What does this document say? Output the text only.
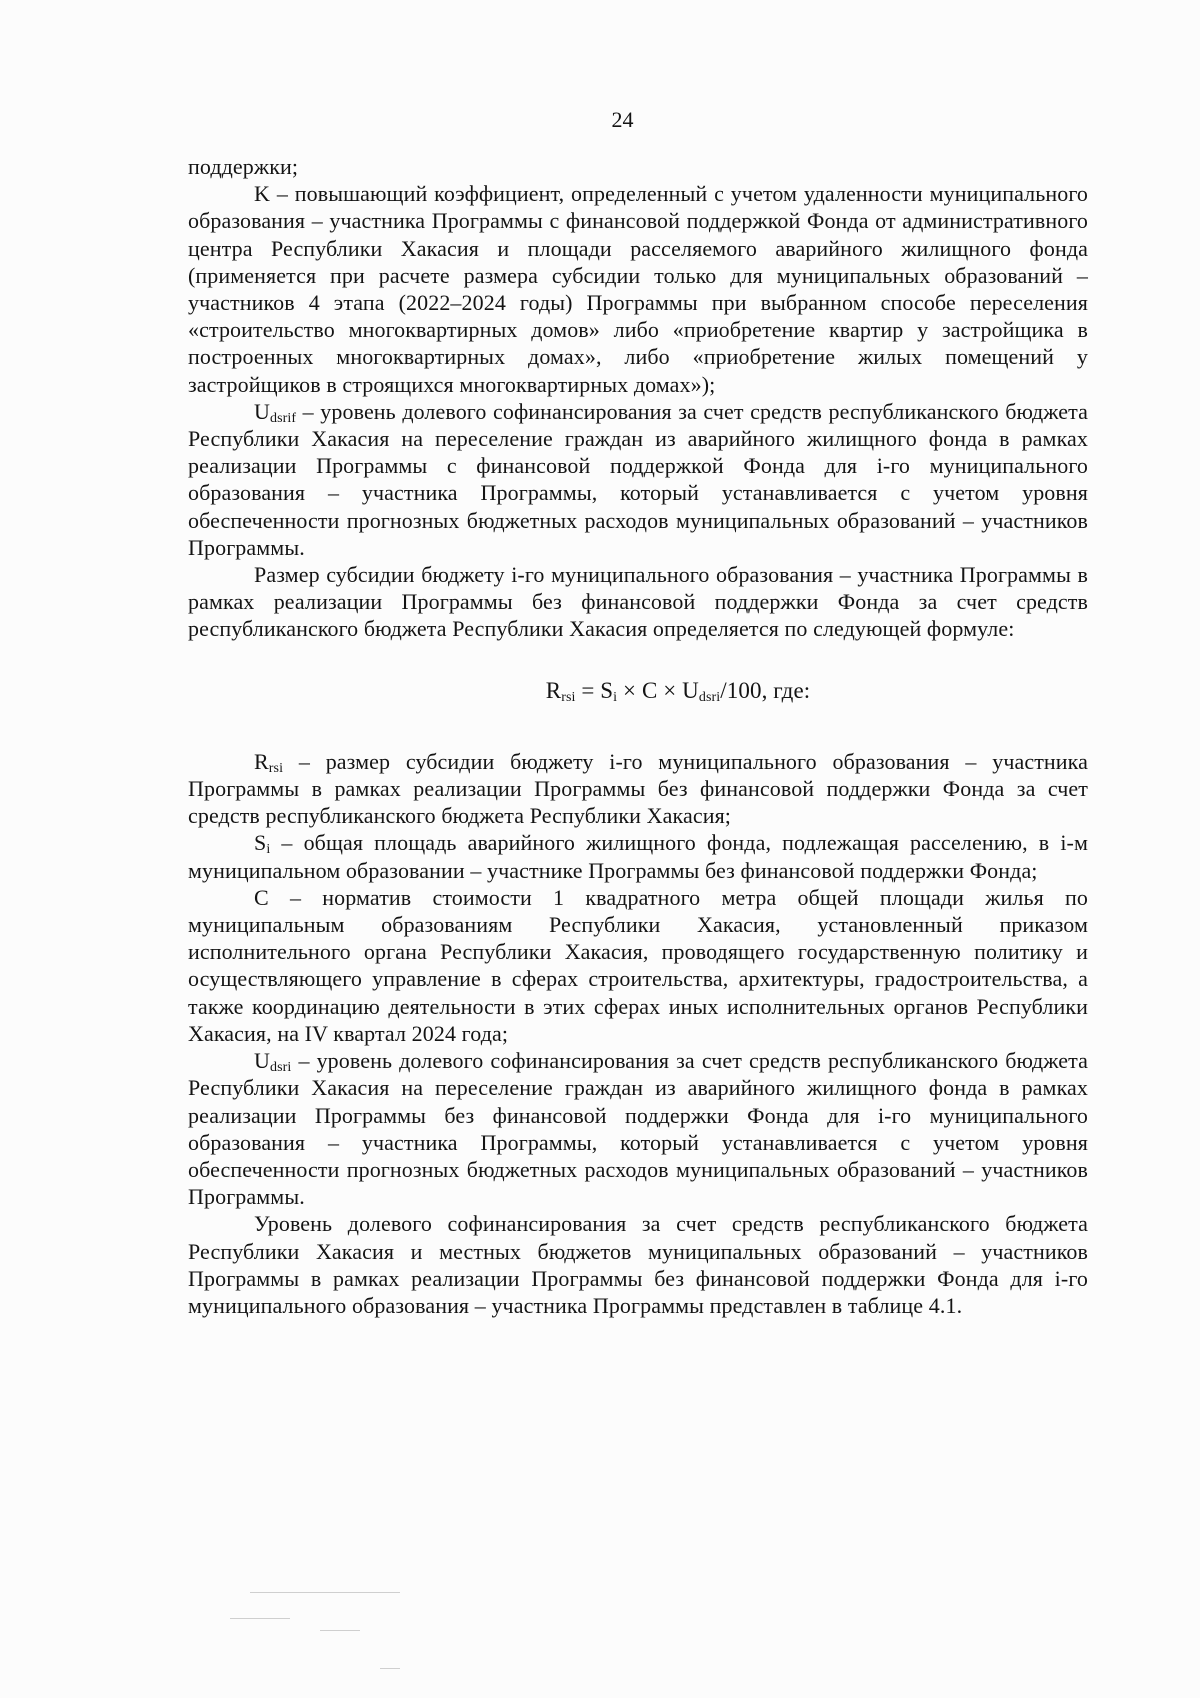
24

поддержки;

K – повышающий коэффициент, определенный с учетом удаленности муниципального образования – участника Программы с финансовой поддержкой Фонда от административного центра Республики Хакасия и площади расселяемого аварийного жилищного фонда (применяется при расчете размера субсидии только для муниципальных образований – участников 4 этапа (2022–2024 годы) Программы при выбранном способе переселения «строительство многоквартирных домов» либо «приобретение квартир у застройщика в построенных многоквартирных домах», либо «приобретение жилых помещений у застройщиков в строящихся многоквартирных домах»);

$U_{dsrif}$ – уровень долевого софинансирования за счет средств республиканского бюджета Республики Хакасия на переселение граждан из аварийного жилищного фонда в рамках реализации Программы с финансовой поддержкой Фонда для i-го муниципального образования – участника Программы, который устанавливается с учетом уровня обеспеченности прогнозных бюджетных расходов муниципальных образований – участников Программы.

Размер субсидии бюджету i-го муниципального образования – участника Программы в рамках реализации Программы без финансовой поддержки Фонда за счет средств республиканского бюджета Республики Хакасия определяется по следующей формуле:

$R_{rsi} = S_i \times C \times U_{dsri}/100$, где:

$R_{rsi}$ – размер субсидии бюджету i-го муниципального образования – участника Программы в рамках реализации Программы без финансовой поддержки Фонда за счет средств республиканского бюджета Республики Хакасия;

$S_i$ – общая площадь аварийного жилищного фонда, подлежащая расселению, в i-м муниципальном образовании – участнике Программы без финансовой поддержки Фонда;

C – норматив стоимости 1 квадратного метра общей площади жилья по муниципальным образованиям Республики Хакасия, установленный приказом исполнительного органа Республики Хакасия, проводящего государственную политику и осуществляющего управление в сферах строительства, архитектуры, градостроительства, а также координацию деятельности в этих сферах иных исполнительных органов Республики Хакасия, на IV квартал 2024 года;

$U_{dsri}$ – уровень долевого софинансирования за счет средств республиканского бюджета Республики Хакасия на переселение граждан из аварийного жилищного фонда в рамках реализации Программы без финансовой поддержки Фонда для i-го муниципального образования – участника Программы, который устанавливается с учетом уровня обеспеченности прогнозных бюджетных расходов муниципальных образований – участников Программы.

Уровень долевого софинансирования за счет средств республиканского бюджета Республики Хакасия и местных бюджетов муниципальных образований – участников Программы в рамках реализации Программы без финансовой поддержки Фонда для i-го муниципального образования – участника Программы представлен в таблице 4.1.
